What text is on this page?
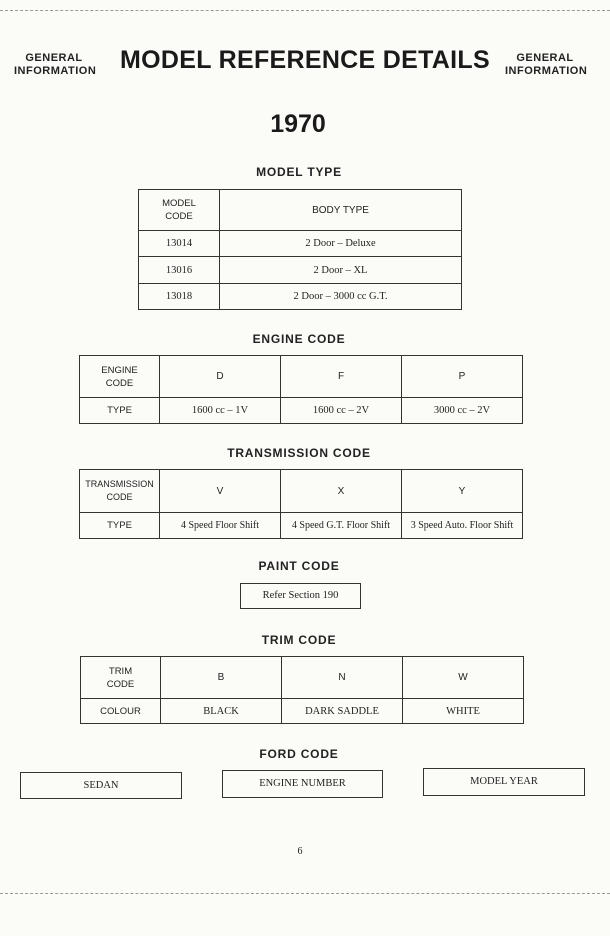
GENERAL INFORMATION MODEL REFERENCE DETAILS	GENERAL INFORMATION
1970
MODEL TYPE
MODEL CODE	BODY TYPE
13014	2 Door – Deluxe
13016	2 Door – XL
13018	2 Door – 3000 cc G.T.
ENGINE CODE
ENGINE CODE	D	F	P
TYPE	1600 cc – 1V	1600 cc – 2V	3000 cc – 2V
TRANSMISSION CODE
TRANSMISSION CODE	V	X	Y
TYPE	4 Speed Floor Shift	4 Speed G.T. Floor Shift	3 Speed Auto. Floor Shift
PAINT CODE
Refer Section 190
TRIM CODE
TRIM CODE	B	N	W
COLOUR	BLACK	DARK SADDLE	WHITE
FORD CODE
SEDAN	ENGINE NUMBER	MODEL YEAR
6
